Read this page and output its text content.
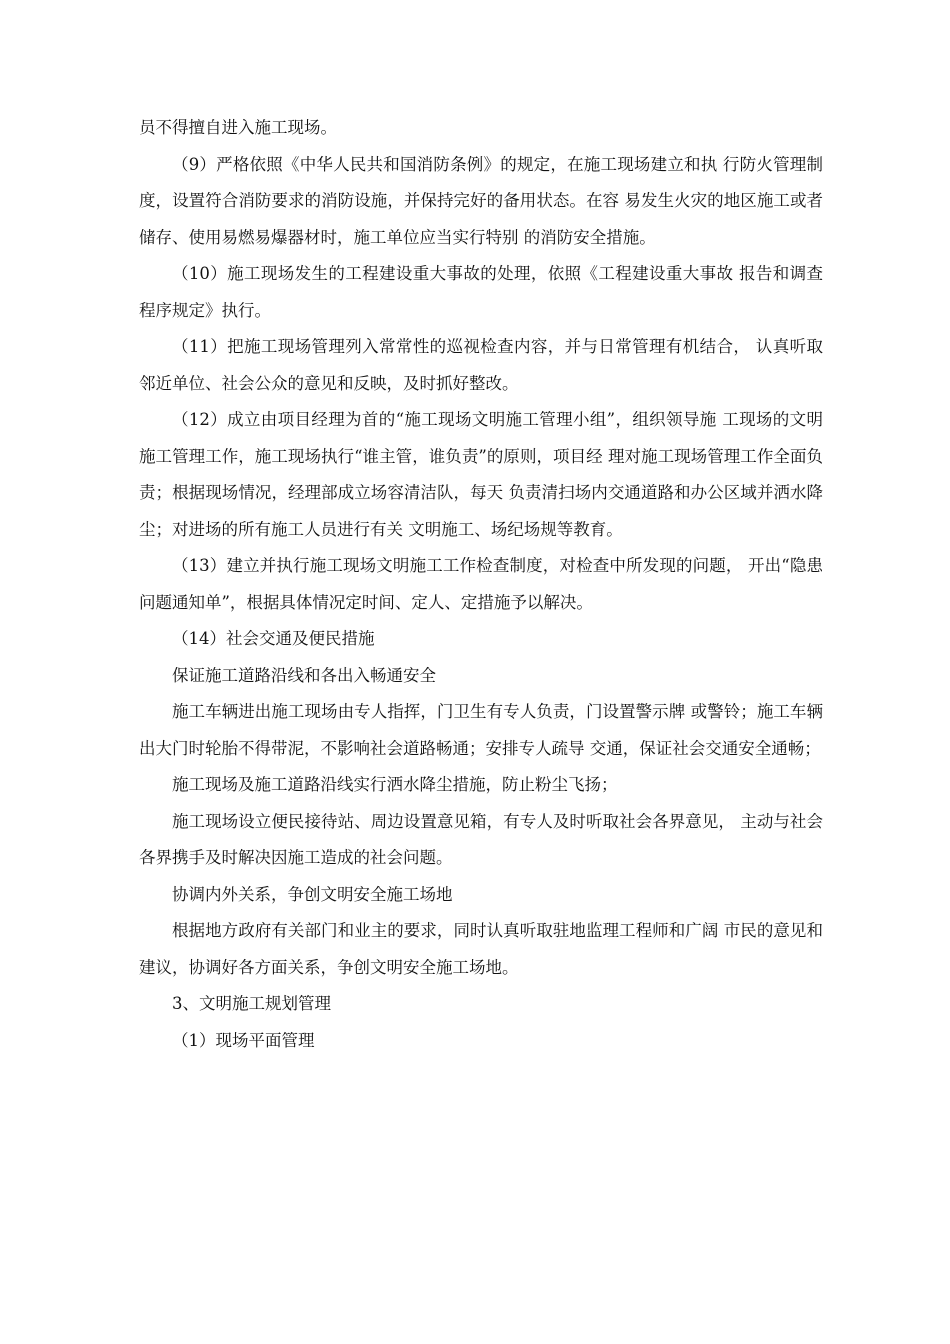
员不得擅自进入施工现场。

（9）严格依照《中华人民共和国消防条例》的规定，在施工现场建立和执 行防火管理制度，设置符合消防要求的消防设施，并保持完好的备用状态。在容 易发生火灾的地区施工或者储存、使用易燃易爆器材时，施工单位应当实行特别 的消防安全措施。

（10）施工现场发生的工程建设重大事故的处理，依照《工程建设重大事故 报告和调查程序规定》执行。

（11）把施工现场管理列入常常性的巡视检查内容，并与日常管理有机结合， 认真听取邻近单位、社会公众的意见和反映，及时抓好整改。

（12）成立由项目经理为首的“施工现场文明施工管理小组”，组织领导施 工现场的文明施工管理工作，施工现场执行“谁主管，谁负责”的原则，项目经 理对施工现场管理工作全面负责；根据现场情况，经理部成立场容清洁队，每天 负责清扫场内交通道路和办公区域并洒水降尘；对进场的所有施工人员进行有关 文明施工、场纪场规等教育。

（13）建立并执行施工现场文明施工工作检查制度，对检查中所发现的问题， 开出“隐患问题通知单”，根据具体情况定时间、定人、定措施予以解决。

（14）社会交通及便民措施

保证施工道路沿线和各出入畅通安全

施工车辆进出施工现场由专人指挥，门卫生有专人负责，门设置警示牌 或警铃；施工车辆出大门时轮胎不得带泥，不影响社会道路畅通；安排专人疏导 交通，保证社会交通安全通畅；

施工现场及施工道路沿线实行洒水降尘措施，防止粉尘飞扬；

施工现场设立便民接待站、周边设置意见箱，有专人及时听取社会各界意见， 主动与社会各界携手及时解决因施工造成的社会问题。

协调内外关系，争创文明安全施工场地

根据地方政府有关部门和业主的要求，同时认真听取驻地监理工程师和广阔 市民的意见和建议，协调好各方面关系，争创文明安全施工场地。

3、文明施工规划管理

（1）现场平面管理
